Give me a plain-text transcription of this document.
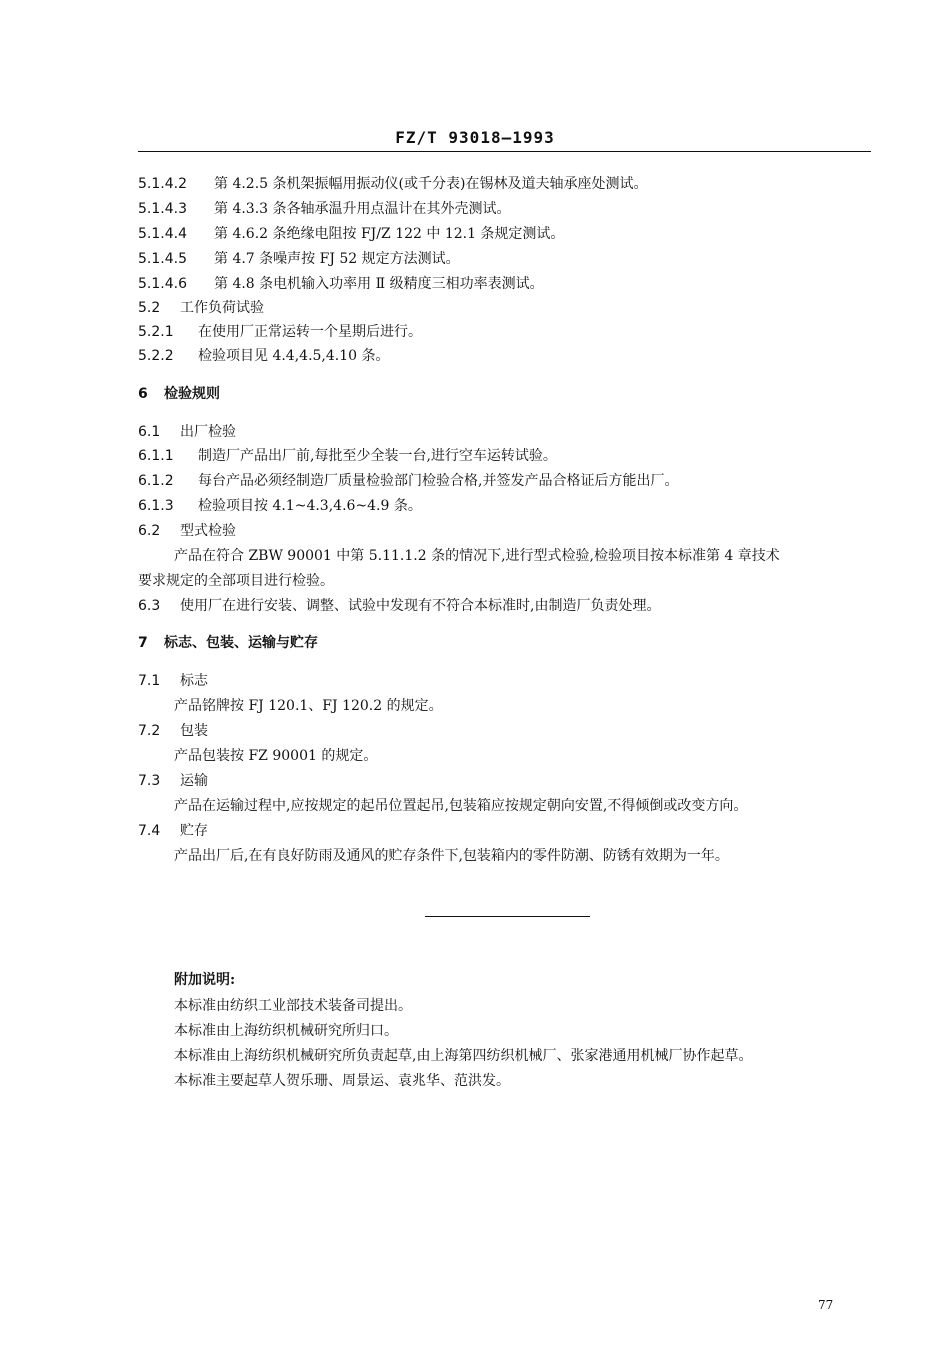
FZ/T 93018—1993
5.1.4.2 第 4.2.5 条机架振幅用振动仪(或千分表)在锡林及道夫轴承座处测试。
5.1.4.3 第 4.3.3 条各轴承温升用点温计在其外壳测试。
5.1.4.4 第 4.6.2 条绝缘电阻按 FJ/Z 122 中 12.1 条规定测试。
5.1.4.5 第 4.7 条噪声按 FJ 52 规定方法测试。
5.1.4.6 第 4.8 条电机输入功率用 Ⅱ 级精度三相功率表测试。
5.2 工作负荷试验
5.2.1 在使用厂正常运转一个星期后进行。
5.2.2 检验项目见 4.4,4.5,4.10 条。
6 检验规则
6.1 出厂检验
6.1.1 制造厂产品出厂前,每批至少全装一台,进行空车运转试验。
6.1.2 每台产品必须经制造厂质量检验部门检验合格,并签发产品合格证后方能出厂。
6.1.3 检验项目按 4.1~4.3,4.6~4.9 条。
6.2 型式检验
产品在符合 ZBW 90001 中第 5.11.1.2 条的情况下,进行型式检验,检验项目按本标准第 4 章技术
要求规定的全部项目进行检验。
6.3 使用厂在进行安装、调整、试验中发现有不符合本标准时,由制造厂负责处理。
7 标志、包装、运输与贮存
7.1 标志
产品铭牌按 FJ 120.1、FJ 120.2 的规定。
7.2 包装
产品包装按 FZ 90001 的规定。
7.3 运输
产品在运输过程中,应按规定的起吊位置起吊,包装箱应按规定朝向安置,不得倾倒或改变方向。
7.4 贮存
产品出厂后,在有良好防雨及通风的贮存条件下,包装箱内的零件防潮、防锈有效期为一年。
附加说明:
本标准由纺织工业部技术装备司提出。
本标准由上海纺织机械研究所归口。
本标准由上海纺织机械研究所负责起草,由上海第四纺织机械厂、张家港通用机械厂协作起草。
本标准主要起草人贺乐珊、周景运、袁兆华、范洪发。
77
